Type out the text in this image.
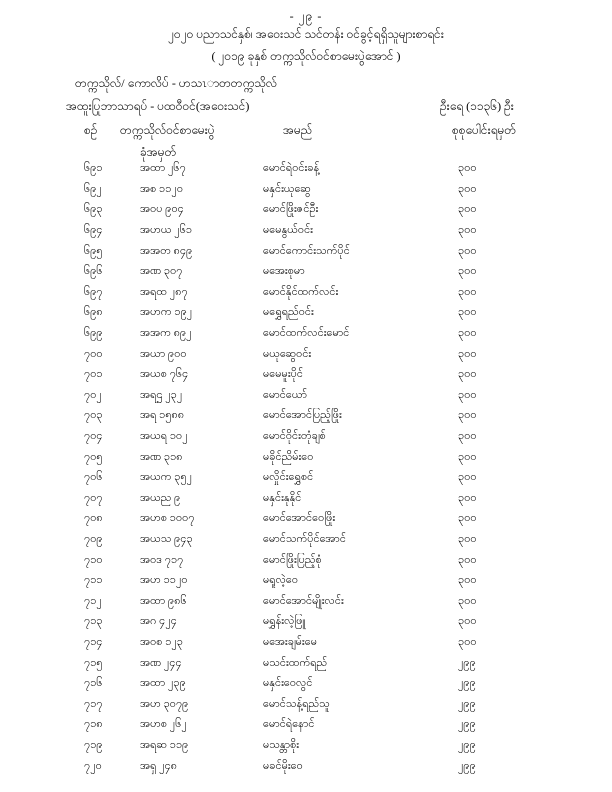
- ၂၉ -
၂၀၂၀ ပညာသင်နှစ်၊ အဝေးသင် သင်တန်း ဝင်ခွင့်ရရှိသူများစာရင်း
( ၂၀၁၉ ခုနှစ် တက္ကသိုလ်ဝင်စာမေးပွဲအောင် )
တက္ကသိုလ်/ ကောလိပ် - ဟသၤာတတက္ကသိုလ်
အထူးပြုဘာသာရပ် - ပထဝီဝင်(အဝေးသင်)	ဦးရေ (၁၁၃၆) ဦး
စဉ် တက္ကသိုလ်ဝင်စာမေးပွဲ	အမည်	စုစုပေါင်းရမှတ်
ခုံအမှတ်
၆၉၁	အထာ ၂၆၇	မောင်ရဲဝင်းခန့်	၃၀၀
၆၉၂	အစ ၁၁၂၀	မနှင်းယုဆွေ	၃၀၀
၆၉၃	အဝပ ၉၀၄	မောင်ဖြိုးဇင်ဦး	၃၀၀
၆၉၄	အဟယ ၂၆၁	မမေနွယ်ဝင်း	၃၀၀
၆၉၅	အအတ ၈၄၉	မောင်ကောင်းသက်ပိုင်	၃၀၀
၆၉၆	အဏ ၃၀၇	မအေးစုမာ	၃၀၀
၆၉၇	အရထ ၂၈၇	မောင်နိုင်ထက်လင်း	၃၀၀
၆၉၈	အဟက ၁၉၂	မရွှေရည်ဝင်း	၃၀၀
၆၉၉	အအက ၈၉၂	မောင်ထက်လင်းမောင်	၃၀၀
၇၀၀	အယာ ၉၀၀	မယုဆွေဝင်း	၃၀၀
၇၀၁	အယစ ၇၆၄	မမေမူးပိုင်	၃၀၀
၇၀၂	အရဌ ၂၃၂	မောင်ယော်	၃၀၀
၇၀၃	အရ ၁၅၈၈	မောင်အောင်ပြည့်ဖြိုး	၃၀၀
၇၀၄	အယရ ၁၀၂	မောင်ဝိုင်းတုံချစ်	၃၀၀
၇၀၅	အဏ ၃၁၈	မခိုင်ညိမ်းဝေ	၃၀၀
၇၀၆	အယက ၃၅၂	မလှိုင်းရွှေစင်	၃၀၀
၇၀၇	အယည ၉	မနှင်းနုနိုင်	၃၀၀
၇၀၈	အဟစ ၁၀၀၇	မောင်အောင်ဝေဖြိုး	၃၀၀
၇၀၉	အယသ ၉၄၃	မောင်သက်ပိုင်အောင်	၃၀၀
၇၁၀	အဝဒ ၇၁၇	မောင်ဖြိုးပြည့်စုံ	၃၀၀
၇၁၁	အဟ ၁၁၂၀	မရူလဲ့ဝေ	၃၀၀
၇၁၂	အထာ ၉၈၆	မောင်အောင်မျိုးလင်း	၃၀၀
၇၁၃	အဂ ၄၂၄	မရွှန်းလဲ့ဖြူ	၃၀၀
၇၁၄	အဝစ ၁၂၃	မအေးချမ်းမေ	၃၀၀
၇၁၅	အဏ ၂၄၄	မသင်းထက်ရည်	၂၉၉
၇၁၆	အထာ ၂၃၉	မနှင်းဝေလွင်	၂၉၉
၇၁၇	အဟ ၃၀၇၉	မောင်သန့်ရည်သူ	၂၉၉
၇၁၈	အဟစ ၂၆၂	မောင်ရဲနောင်	၂၉၉
၇၁၉	အရဆ ၁၁၉	မသန္တာစိုး	၂၉၉
၇၂၀	အရှ ၂၄၈	မခင်မိုးဝေ	၂၉၉
